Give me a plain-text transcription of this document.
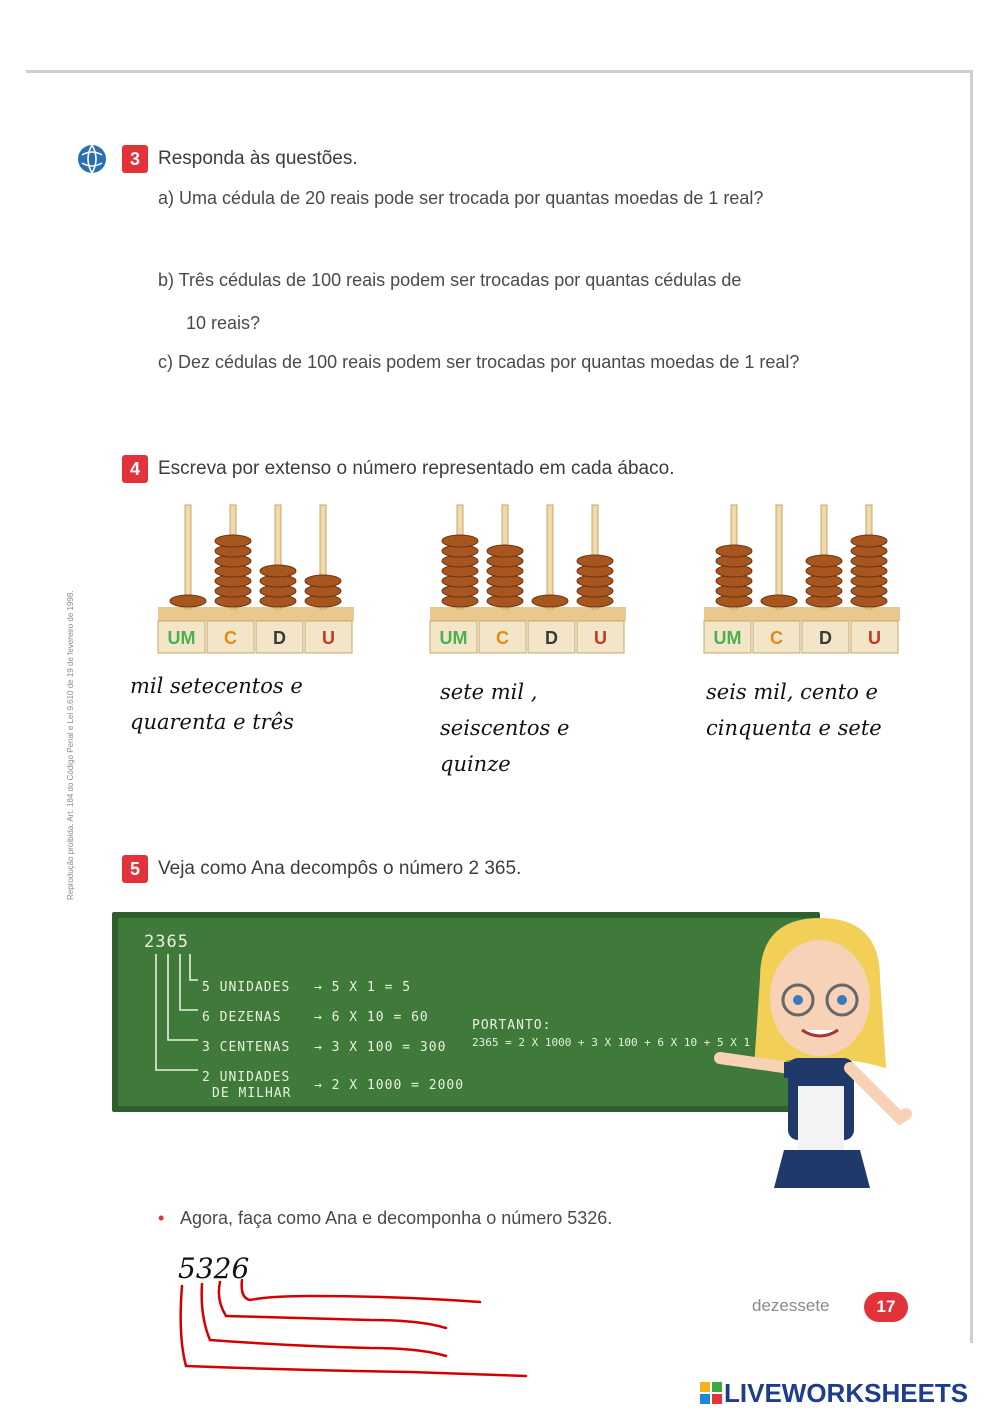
Reprodução proibida. Art. 184 do Código Penal e Lei 9.610 de 19 de fevereiro de 1998.
3 Responda às questões.
a) Uma cédula de 20 reais pode ser trocada por quantas moedas de 1 real?
b) Três cédulas de 100 reais podem ser trocadas por quantas cédulas de
10 reais?
c) Dez cédulas de 100 reais podem ser trocadas por quantas moedas de 1 real?
4 Escreva por extenso o número representado em cada ábaco.
UM C D U	UM C D U	UM C D U
mil setecentos e
quarenta e três
sete mil ,
seiscentos e
quinze
seis mil, cento e
cinquenta e sete
5 Veja como Ana decompôs o número 2 365.
2365
5 UNIDADES → 5 X 1 = 5
6 DEZENAS	→ 6 X 10 = 60
3 CENTENAS → 3 X 100 = 300
2 UNIDADES
DE MILHAR
→ 2 X 1000 = 2000
PORTANTO:
2365 = 2 X 1000 + 3 X 100 + 6 X 10 + 5 X 1
• Agora, faça como Ana e decomponha o número 5326.
5326
dezessete	17
LIVEWORKSHEETS
